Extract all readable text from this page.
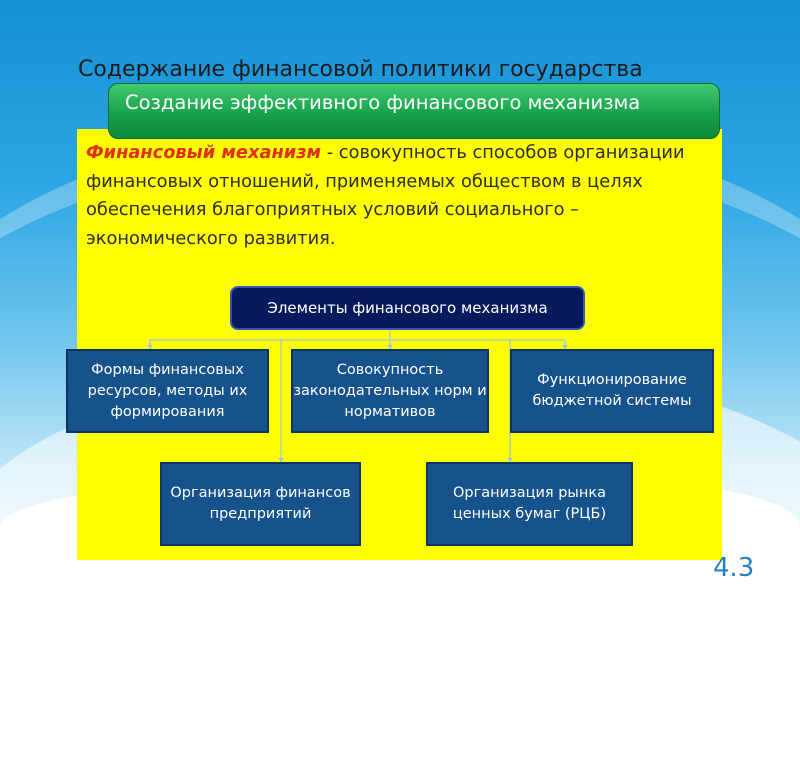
Содержание финансовой политики государства
Создание эффективного финансового механизма
Финансовый механизм - совокупность способов организации финансовых отношений, применяемых обществом в целях обеспечения благоприятных условий социального –экономического развития.
Элементы финансового механизма
Формы финансовых ресурсов, методы их формирования
Совокупность законодательных норм и нормативов
Функционирование бюджетной системы
Организация финансов предприятий
Организация рынка ценных бумаг (РЦБ)
4.3
